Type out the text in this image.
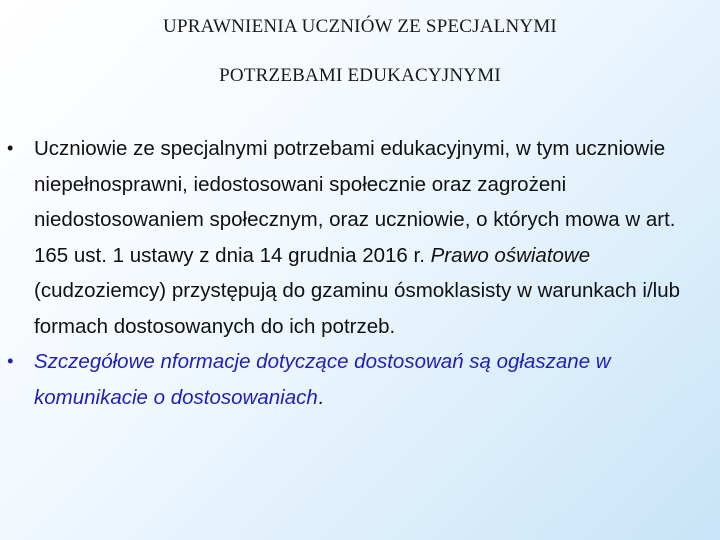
UPRAWNIENIA UCZNIÓW ZE SPECJALNYMI
POTRZEBAMI EDUKACYJNYMI
• Uczniowie ze specjalnymi potrzebami edukacyjnymi, w tym uczniowie niepełnosprawni, iedostosowani społecznie oraz zagrożeni niedostosowaniem społecznym, oraz uczniowie, o których mowa w art. 165 ust. 1 ustawy z dnia 14 grudnia 2016 r. Prawo oświatowe (cudzoziemcy) przystępują do gzaminu ósmoklasisty w warunkach i/lub formach dostosowanych do ich potrzeb.
• Szczegółowe nformacje dotyczące dostosowań są ogłaszane w komunikacie o dostosowaniach.
